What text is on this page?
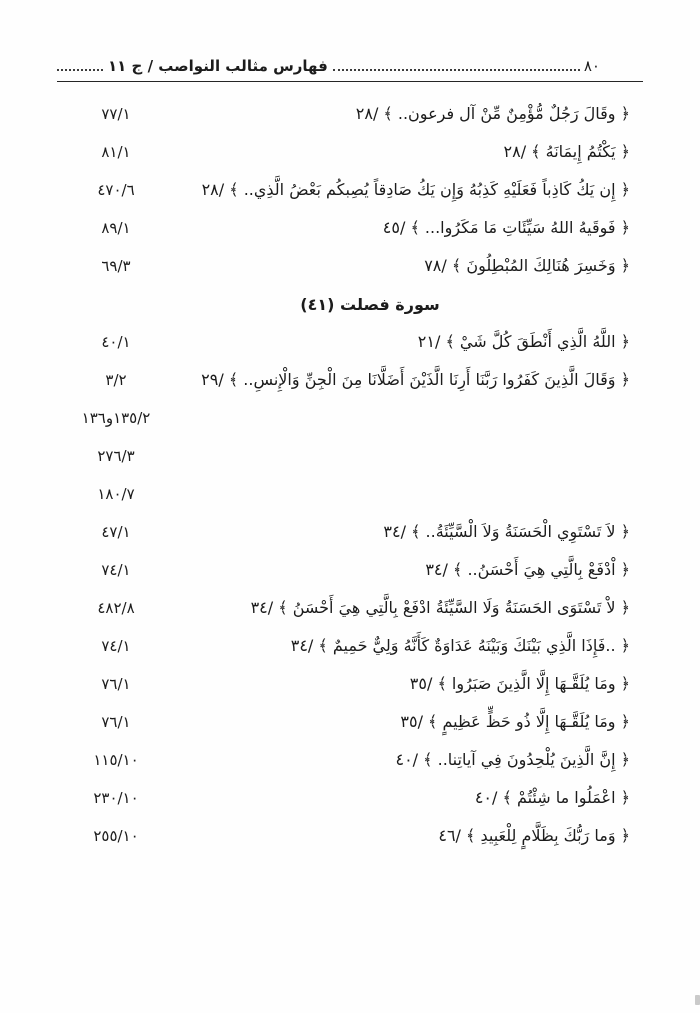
فهارس مثالب النواصب / ج ١١	٨٠
٧٧/١	﴿ وقَالَ رَجُلٌ مُّؤْمِنٌ مِّنْ آل فرعون.. ﴾ /٢٨
٨١/١	﴿ يَكْتُمُ إِيمَانَهُ ﴾ /٢٨
٤٧٠/٦	﴿ إِن يَكُ كَاذِباً فَعَلَيْهِ كَذِبُهُ وَإِن يَكُ صَادِقاً يُصِبكُم بَعْضُ الَّذِي.. ﴾ /٢٨
٨٩/١	﴿ فَوقَيهُ اللهُ سَيِّئَاتِ مَا مَكَرُوا... ﴾ /٤٥
٦٩/٣	﴿ وَخَسِرَ هُنَالِكَ المُبْطِلُونَ ﴾ /٧٨
سورة فصلت (٤١)
٤٠/١	﴿ اللَّهُ الَّذِي أَنْطَقَ كُلَّ شَيْ ﴾ /٢١
٣/٢	﴿ وَقَالَ الَّذِينَ كَفَرُوا رَبَّنَا أَرِنَا الَّذَيْنَ أَضَلَّانَا مِنَ الْجِنِّ وَالْإِنسِ.. ﴾ /٢٩
١٣٥/٢و١٣٦
٢٧٦/٣
١٨٠/٧
٤٧/١	﴿ لاَ تَسْتَوِي الْحَسَنَةُ وَلاَ الْسَّيِّئَةُ.. ﴾ /٣٤
٧٤/١	﴿ اْدْفَعْ بِالَّتِي هِيَ أَحْسَنُ.. ﴾ /٣٤
٤٨٢/٨	﴿ لاْ تَسْتَوَى الحَسَنَةُ وَلَا السَّيِّئَةُ ادْفَعْ بِالَّتِي هِيَ أَحْسَنُ ﴾ /٣٤
٧٤/١	﴿ ..فَإِذَا الَّذِي بَيْنَكَ وَبَيْنَهُ عَدَاوَةٌ كَأَنَّهُ وَلِيٌّ حَمِيمٌ ﴾ /٣٤
٧٦/١	﴿ ومَا يُلَقَّـهَا إِلَّا الَّذِينَ صَبَرُوا ﴾ /٣٥
٧٦/١	﴿ ومَا يُلَقَّـهَا إِلَّا ذُو حَظٍّ عَظِيمٍ ﴾ /٣٥
١١٥/١٠	﴿ إِنَّ الَّذِينَ يُلْحِدُونَ فِي آياتِنا.. ﴾ /٤٠
٢٣٠/١٠	﴿ اعْمَلُوا ما شِئْتُمْ ﴾ /٤٠
٢٥٥/١٠	﴿ وَما رَبُّكَ بِظَلَّامٍ لِلْعَبِيدِ ﴾ /٤٦
